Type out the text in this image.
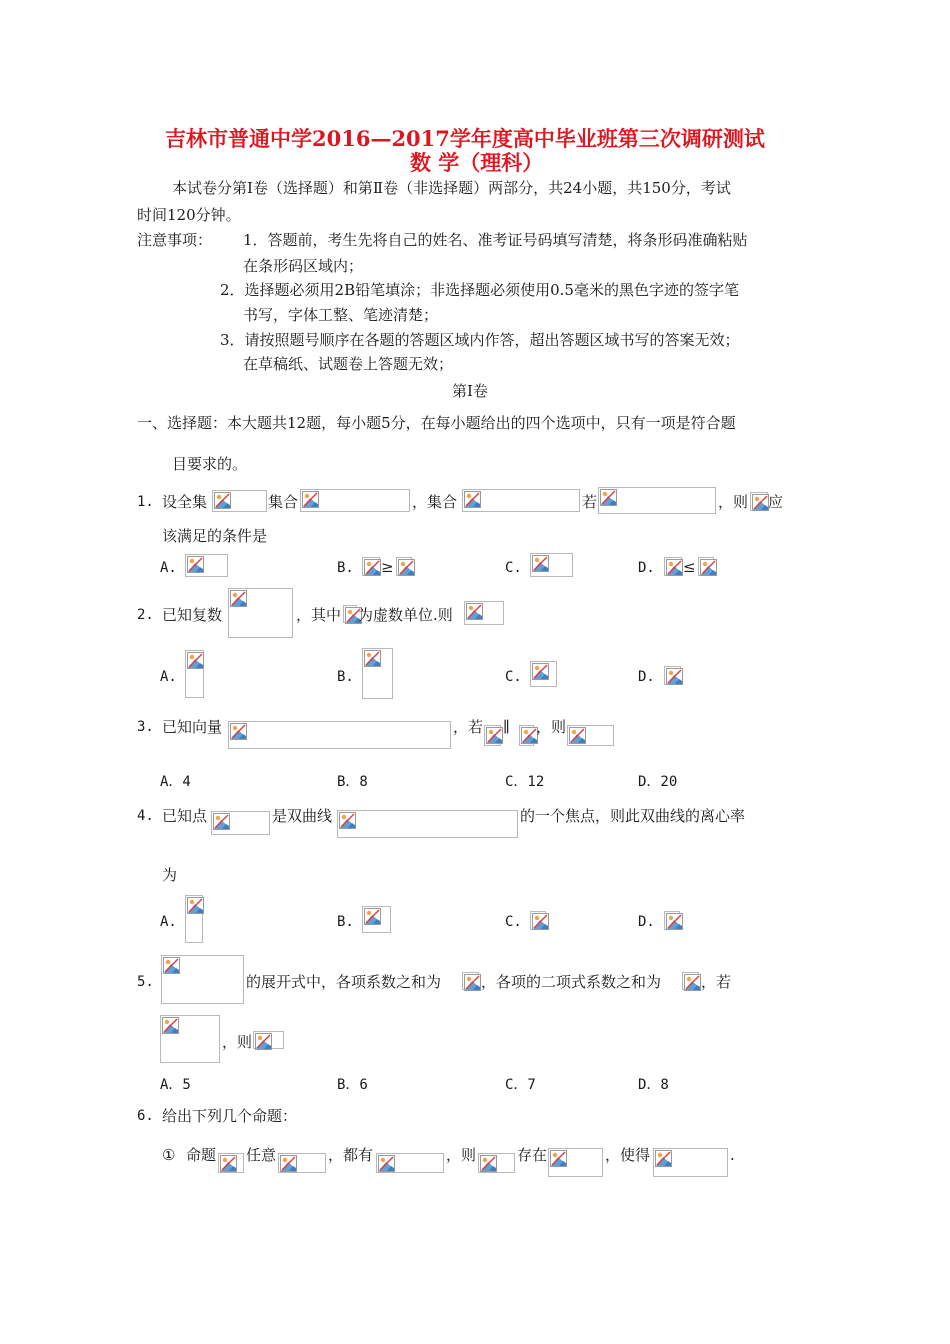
吉林市普通中学2016—2017学年度高中毕业班第三次调研测试
数 学（理科）
本试卷分第Ⅰ卷（选择题）和第Ⅱ卷（非选择题）两部分，共24小题，共150分，考试
时间120分钟。
注意事项： 1．答题前，考生先将自己的姓名、准考证号码填写清楚，将条形码准确粘贴
在条形码区域内；
2．选择题必须用2B铅笔填涂；非选择题必须使用0.5毫米的黑色字迹的签字笔
书写，字体工整、笔迹清楚；
3．请按照题号顺序在各题的答题区域内作答，超出答题区域书写的答案无效；
在草稿纸、试题卷上答题无效；
第Ⅰ卷
一、选择题：本大题共12题，每小题5分，在每小题给出的四个选项中，只有一项是符合题
目要求的。
1. 设全集	集合	，集合	若	，则 应
该满足的条件是
A.	B. ≥	C.	D. ≤
2. 已知复数	，其中 为虚数单位.则
A.	B.	C.	D.
3. 已知向量	，若 ∥ ，则
A．4	B．8	C．12	D．20
4. 已知点	是双曲线	的一个焦点，则此双曲线的离心率
为
A.	B.	C.	D.
5.	的展开式中，各项系数之和为	，各项的二项式系数之和为	，若
，则
A．5	B．6	C．7	D．8
6. 给出下列几个命题：
① 命题 任意	，都有	，则	存在	，使得	.
